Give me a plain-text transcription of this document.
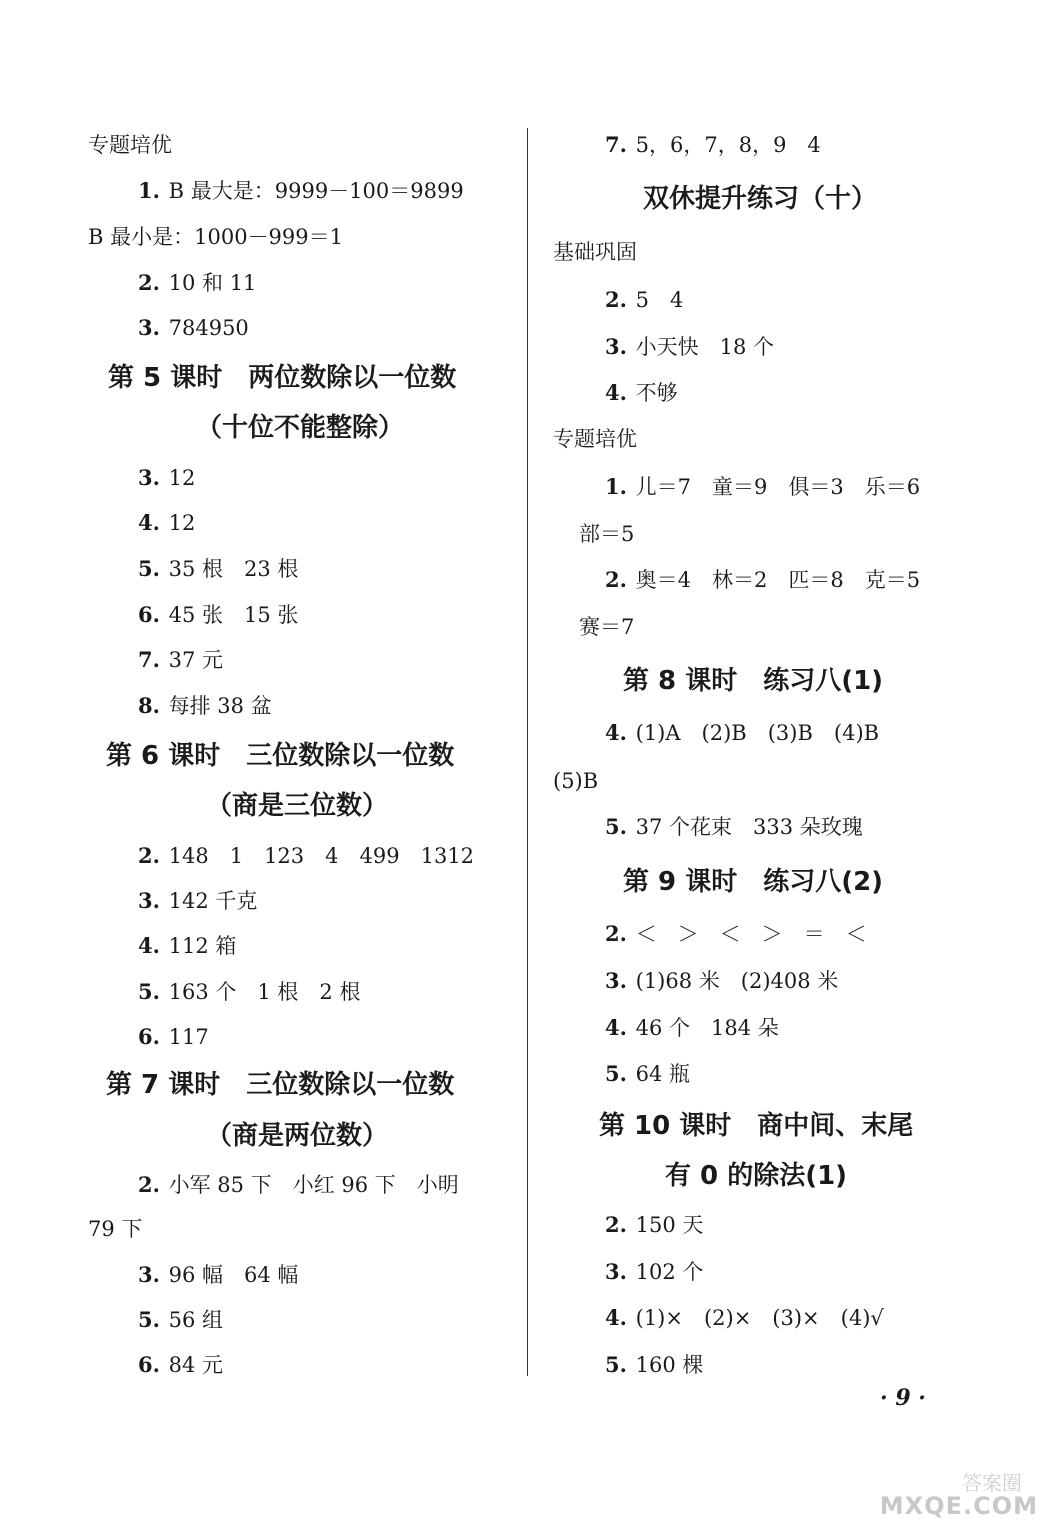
专题培优
1. B 最大是：9999－100＝9899
B 最小是：1000－999＝1
2. 10 和 11
3. 784950
第 5 课时　两位数除以一位数
（十位不能整除）
3. 12
4. 12
5. 35 根　23 根
6. 45 张　15 张
7. 37 元
8. 每排 38 盆
第 6 课时　三位数除以一位数
（商是三位数）
2. 148　1　123　4　499　1312
3. 142 千克
4. 112 箱
5. 163 个　1 根　2 根
6. 117
第 7 课时　三位数除以一位数
（商是两位数）
2. 小军 85 下　小红 96 下　小明
79 下
3. 96 幅　64 幅
5. 56 组
6. 84 元
7. 5，6，7，8，9　4
双休提升练习（十）
基础巩固
2. 5　4
3. 小天快　18 个
4. 不够
专题培优
1. 儿＝7　童＝9　俱＝3　乐＝6
部＝5
2. 奥＝4　林＝2　匹＝8　克＝5
赛＝7
第 8 课时　练习八(1)
4. (1)A　(2)B　(3)B　(4)B
(5)B
5. 37 个花束　333 朵玫瑰
第 9 课时　练习八(2)
2. ＜　＞　＜　＞　＝　＜
3. (1)68 米　(2)408 米
4. 46 个　184 朵
5. 64 瓶
第 10 课时　商中间、末尾
有 0 的除法(1)
2. 150 天
3. 102 个
4. (1)×　(2)×　(3)×　(4)√
5. 160 棵
· 9 ·
答案圈
MXQE.COM
